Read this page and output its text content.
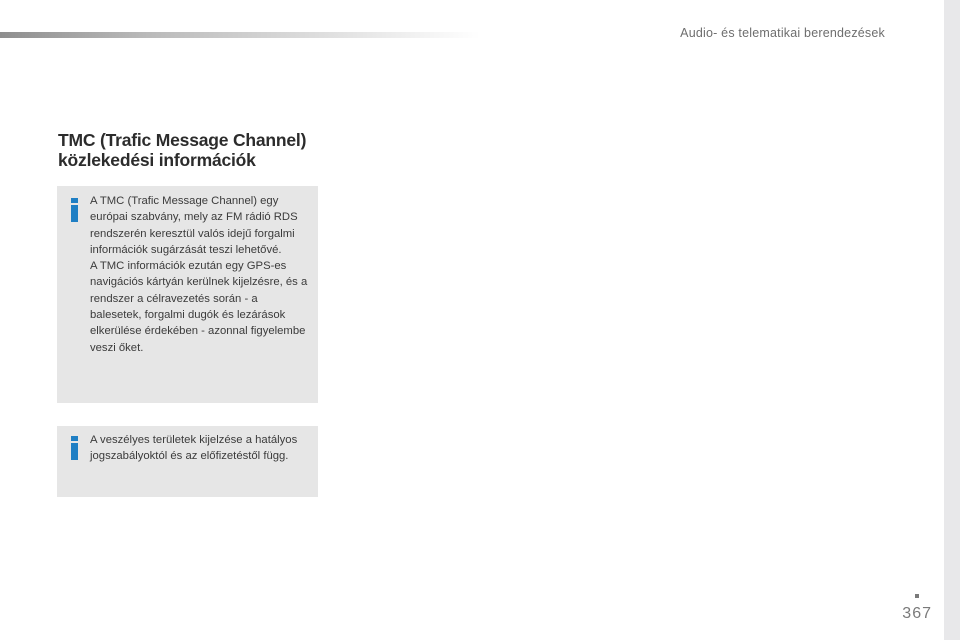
Audio- és telematikai berendezések
TMC (Trafic Message Channel)
közlekedési információk

A TMC (Trafic Message Channel) egy európai szabvány, mely az FM rádió RDS rendszerén keresztül valós idejű forgalmi információk sugárzását teszi lehetővé.

A TMC információk ezután egy GPS-es navigációs kártyán kerülnek kijelzésre, és a rendszer a célravezetés során - a balesetek, forgalmi dugók és lezárások elkerülése érdekében - azonnal figyelembe veszi őket.

A veszélyes területek kijelzése a hatályos jogszabályoktól és az előfizetéstől függ.

367
